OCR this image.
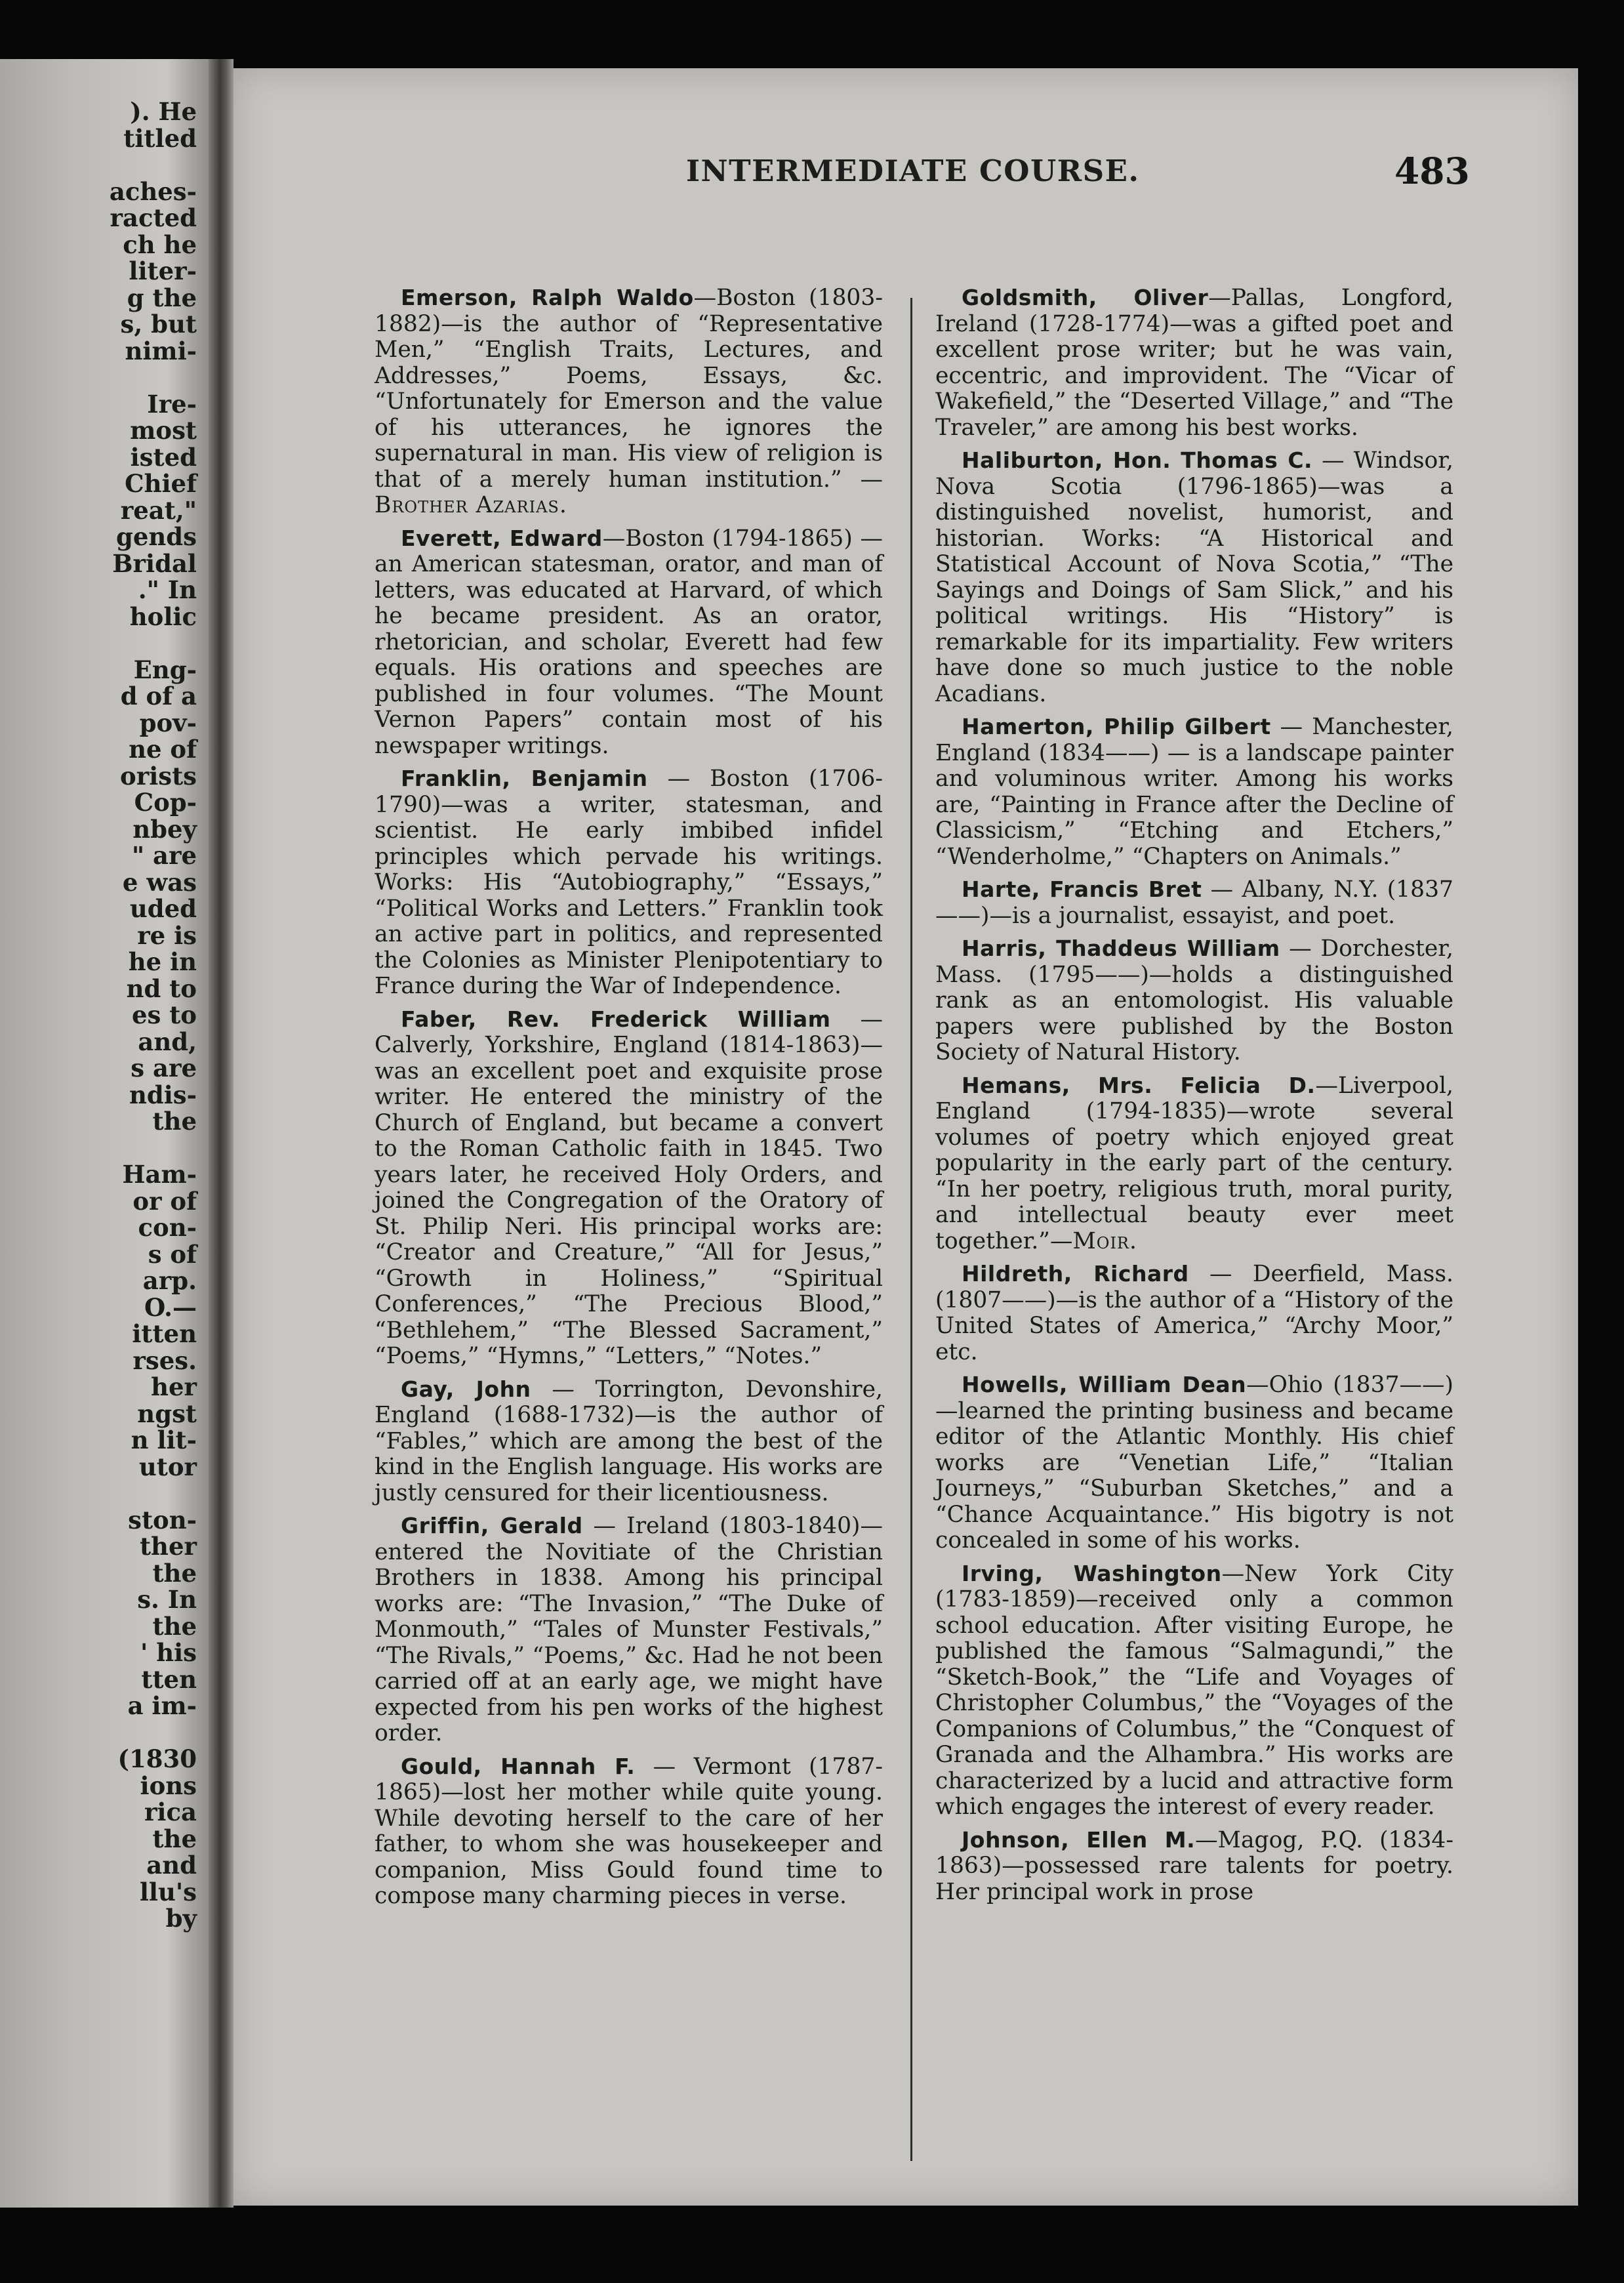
). He
titled
aches-
racted
ch he
liter-
g the
s, but
nimi-
Ire-
most
isted
Chief
reat,"
gends
Bridal
." In
holic
Eng-
d of a
pov-
ne of
orists
Cop-
nbey
" are
e was
uded
re is
he in
nd to
es to
and,
s are
ndis-
the
Ham-
or of
con-
s of
arp.
O.—
itten
rses.
her
ngst
n lit-
utor
ston-
ther
the
s. In
the
' his
tten
a im-
(1830
ions
rica
the
and
llu's
by
INTERMEDIATE COURSE.	483

Emerson, Ralph Waldo—Boston (1803-1882)—is the author of “Representative Men,” “English Traits, Lectures, and Addresses,” Poems, Essays, &c. “Unfortunately for Emerson and the value of his utterances, he ignores the supernatural in man. His view of religion is that of a merely human institution.” — Brother Azarias.

Everett, Edward—Boston (1794-1865) — an American statesman, orator, and man of letters, was educated at Harvard, of which he became president. As an orator, rhetorician, and scholar, Everett had few equals. His orations and speeches are published in four volumes. “The Mount Vernon Papers” contain most of his newspaper writings.

Franklin, Benjamin — Boston (1706-1790)—was a writer, statesman, and scientist. He early imbibed infidel principles which pervade his writings. Works: His “Autobiography,” “Essays,” “Political Works and Letters.” Franklin took an active part in politics, and represented the Colonies as Minister Plenipotentiary to France during the War of Independence.

Faber, Rev. Frederick William —Calverly, Yorkshire, England (1814-1863)—was an excellent poet and exquisite prose writer. He entered the ministry of the Church of England, but became a convert to the Roman Catholic faith in 1845. Two years later, he received Holy Orders, and joined the Congregation of the Oratory of St. Philip Neri. His principal works are: “Creator and Creature,” “All for Jesus,” “Growth in Holiness,” “Spiritual Conferences,” “The Precious Blood,” “Bethlehem,” “The Blessed Sacrament,” “Poems,” “Hymns,” “Letters,” “Notes.”

Gay, John — Torrington, Devonshire, England (1688-1732)—is the author of “Fables,” which are among the best of the kind in the English language. His works are justly censured for their licentiousness.

Griffin, Gerald — Ireland (1803-1840)—entered the Novitiate of the Christian Brothers in 1838. Among his principal works are: “The Invasion,” “The Duke of Monmouth,” “Tales of Munster Festivals,” “The Rivals,” “Poems,” &c. Had he not been carried off at an early age, we might have expected from his pen works of the highest order.

Gould, Hannah F. — Vermont (1787-1865)—lost her mother while quite young. While devoting herself to the care of her father, to whom she was housekeeper and companion, Miss Gould found time to compose many charming pieces in verse.

Goldsmith, Oliver—Pallas, Longford, Ireland (1728-1774)—was a gifted poet and excellent prose writer; but he was vain, eccentric, and improvident. The “Vicar of Wakefield,” the “Deserted Village,” and “The Traveler,” are among his best works.

Haliburton, Hon. Thomas C. — Windsor, Nova Scotia (1796-1865)—was a distinguished novelist, humorist, and historian. Works: “A Historical and Statistical Account of Nova Scotia,” “The Sayings and Doings of Sam Slick,” and his political writings. His “History” is remarkable for its impartiality. Few writers have done so much justice to the noble Acadians.

Hamerton, Philip Gilbert — Manchester, England (1834——) — is a landscape painter and voluminous writer. Among his works are, “Painting in France after the Decline of Classicism,” “Etching and Etchers,” “Wenderholme,” “Chapters on Animals.”

Harte, Francis Bret — Albany, N.Y. (1837——)—is a journalist, essayist, and poet.

Harris, Thaddeus William — Dorchester, Mass. (1795——)—holds a distinguished rank as an entomologist. His valuable papers were published by the Boston Society of Natural History.

Hemans, Mrs. Felicia D.—Liverpool, England (1794-1835)—wrote several volumes of poetry which enjoyed great popularity in the early part of the century. “In her poetry, religious truth, moral purity, and intellectual beauty ever meet together.”—Moir.

Hildreth, Richard — Deerfield, Mass. (1807——)—is the author of a “History of the United States of America,” “Archy Moor,” etc.

Howells, William Dean—Ohio (1837——) —learned the printing business and became editor of the Atlantic Monthly. His chief works are “Venetian Life,” “Italian Journeys,” “Suburban Sketches,” and a “Chance Acquaintance.” His bigotry is not concealed in some of his works.

Irving, Washington—New York City (1783-1859)—received only a common school education. After visiting Europe, he published the famous “Salmagundi,” the “Sketch-Book,” the “Life and Voyages of Christopher Columbus,” the “Voyages of the Companions of Columbus,” the “Conquest of Granada and the Alhambra.” His works are characterized by a lucid and attractive form which engages the interest of every reader.

Johnson, Ellen M.—Magog, P.Q. (1834-1863)—possessed rare talents for poetry. Her principal work in prose
